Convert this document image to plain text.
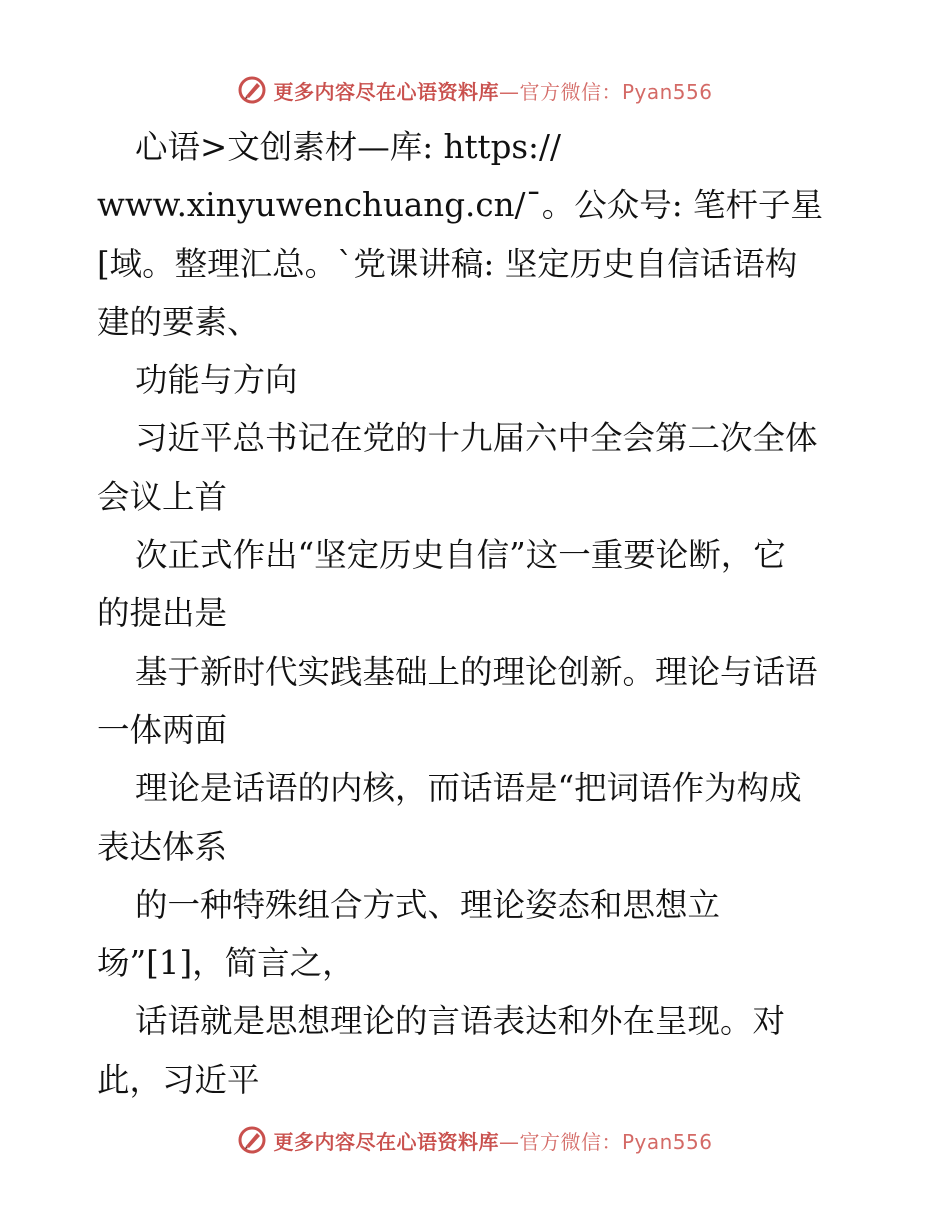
更多内容尽在心语资料库—官方微信：Pyan556
心语>文创素材—库: https://
www.xinyuwenchuang.cn/¯。公众号: 笔杆子星
[域。整理汇总。`党课讲稿: 坚定历史自信话语构
建的要素、
功能与方向
习近平总书记在党的十九届六中全会第二次全体
会议上首
次正式作出“坚定历史自信”这一重要论断，它
的提出是
基于新时代实践基础上的理论创新。理论与话语
一体两面
理论是话语的内核，而话语是“把词语作为构成
表达体系
的一种特殊组合方式、理论姿态和思想立
场”[1]，简言之，
话语就是思想理论的言语表达和外在呈现。对
此，习近平
更多内容尽在心语资料库—官方微信：Pyan556
